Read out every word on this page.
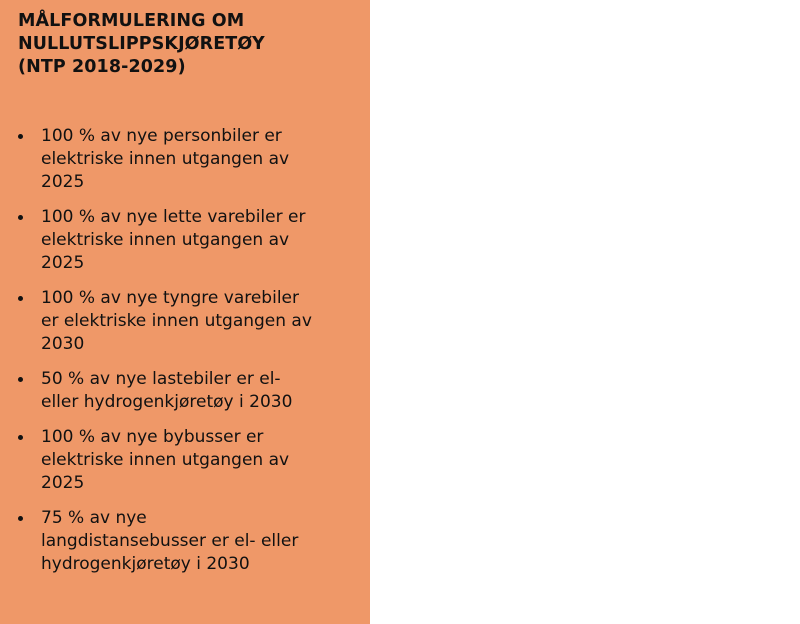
MÅLFORMULERING OM
NULLUTSLIPPSKJØRETØY
(NTP 2018-2029)
100 % av nye personbiler er
elektriske innen utgangen av
2025
100 % av nye lette varebiler er
elektriske innen utgangen av
2025
100 % av nye tyngre varebiler
er elektriske innen utgangen av
2030
50 % av nye lastebiler er el-
eller hydrogenkjøretøy i 2030
100 % av nye bybusser er
elektriske innen utgangen av
2025
75 % av nye
langdistansebusser er el- eller
hydrogenkjøretøy i 2030
